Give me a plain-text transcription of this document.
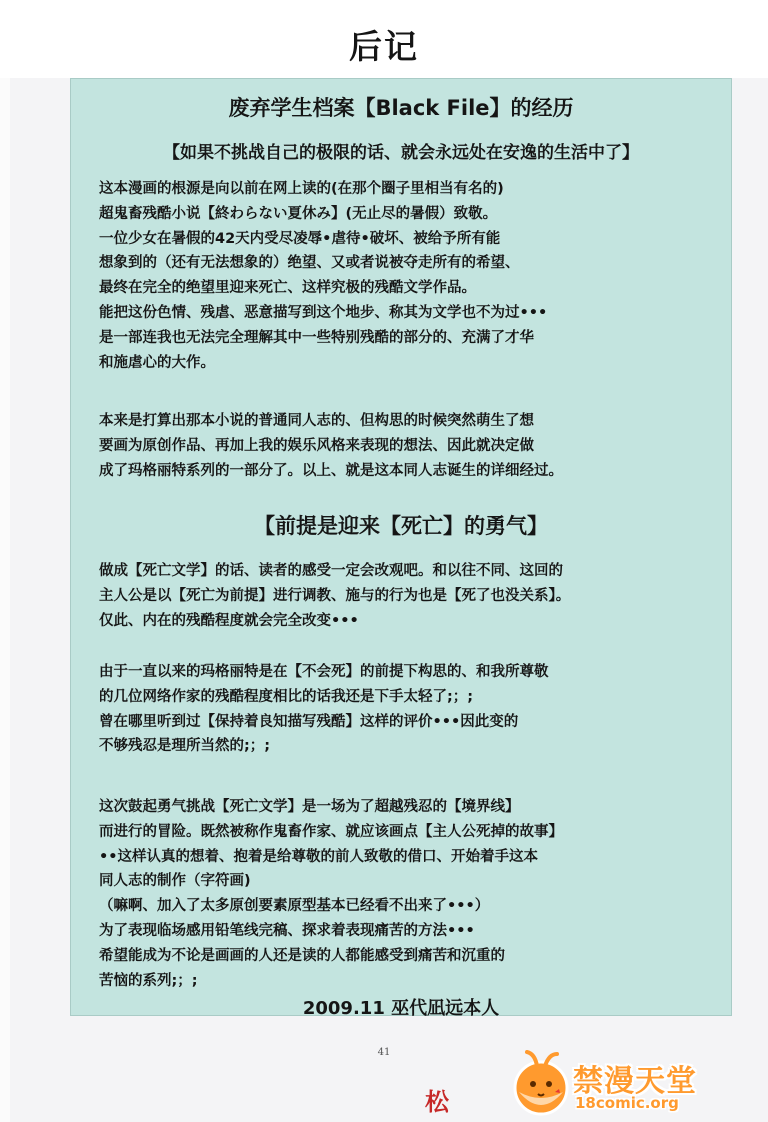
后记
废弃学生档案【Black File】的经历
【如果不挑战自己的极限的话、就会永远处在安逸的生活中了】
这本漫画的根源是向以前在网上读的(在那个圈子里相当有名的)
超鬼畜残酷小说【終わらない夏休み】(无止尽的暑假）致敬。
一位少女在暑假的42天内受尽凌辱•虐待•破坏、被给予所有能
想象到的（还有无法想象的）绝望、又或者说被夺走所有的希望、
最终在完全的绝望里迎来死亡、这样究极的残酷文学作品。
能把这份色情、残虐、恶意描写到这个地步、称其为文学也不为过•••
是一部连我也无法完全理解其中一些特别残酷的部分的、充满了才华
和施虐心的大作。
本来是打算出那本小说的普通同人志的、但构思的时候突然萌生了想
要画为原创作品、再加上我的娱乐风格来表现的想法、因此就决定做
成了玛格丽特系列的一部分了。以上、就是这本同人志诞生的详细经过。
【前提是迎来【死亡】的勇气】
做成【死亡文学】的话、读者的感受一定会改观吧。和以往不同、这回的
主人公是以【死亡为前提】进行调教、施与的行为也是【死了也没关系】。
仅此、内在的残酷程度就会完全改变•••
由于一直以来的玛格丽特是在【不会死】的前提下构思的、和我所尊敬
的几位网络作家的残酷程度相比的话我还是下手太轻了;；;
曾在哪里听到过【保持着良知描写残酷】这样的评价•••因此变的
不够残忍是理所当然的;；;
这次鼓起勇气挑战【死亡文学】是一场为了超越残忍的【境界线】
而进行的冒险。既然被称作鬼畜作家、就应该画点【主人公死掉的故事】
••这样认真的想着、抱着是给尊敬的前人致敬的借口、开始着手这本
同人志的制作（字符画)
（嘛啊、加入了太多原创要素原型基本已经看不出来了•••）
为了表现临场感用铅笔线完稿、探求着表现痛苦的方法•••
希望能成为不论是画画的人还是读的人都能感受到痛苦和沉重的
苦恼的系列;；;
2009.11 巫代凪远本人
41
松
禁漫天堂
18comic.org
